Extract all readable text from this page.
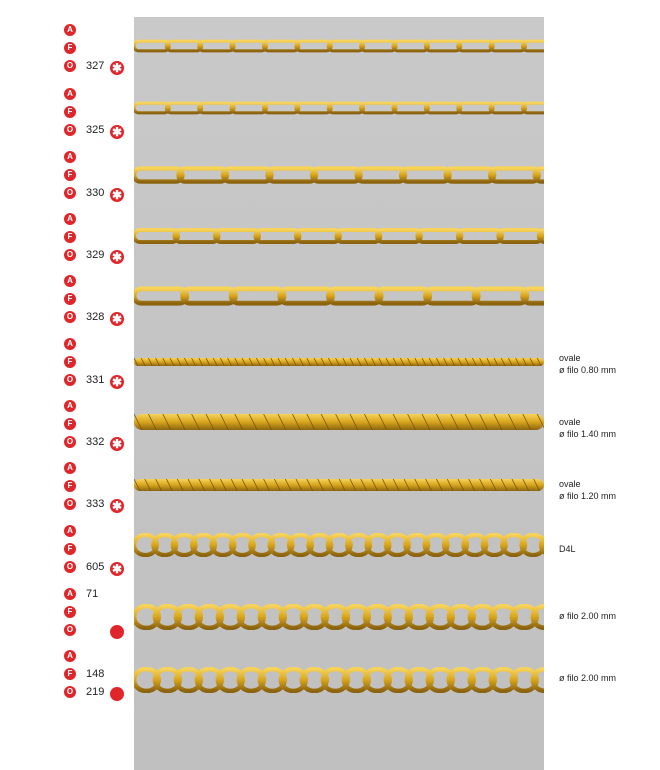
A
F
O 327 ✱
A
F
O 325 ✱
A
F
O 330 ✱
A
F
O 329 ✱
A
F
O 328 ✱
A
F
O 331 ✱
A
F
O 332 ✱
A
F
O 333 ✱
A
F
O 605 ✱
A 71
F
O
A
F	148
O 219
ovale
ø filo 0.80 mm
ovale
ø filo 1.40 mm
ovale
ø filo 1.20 mm
D4L
ø filo 2.00 mm
ø filo 2.00 mm
